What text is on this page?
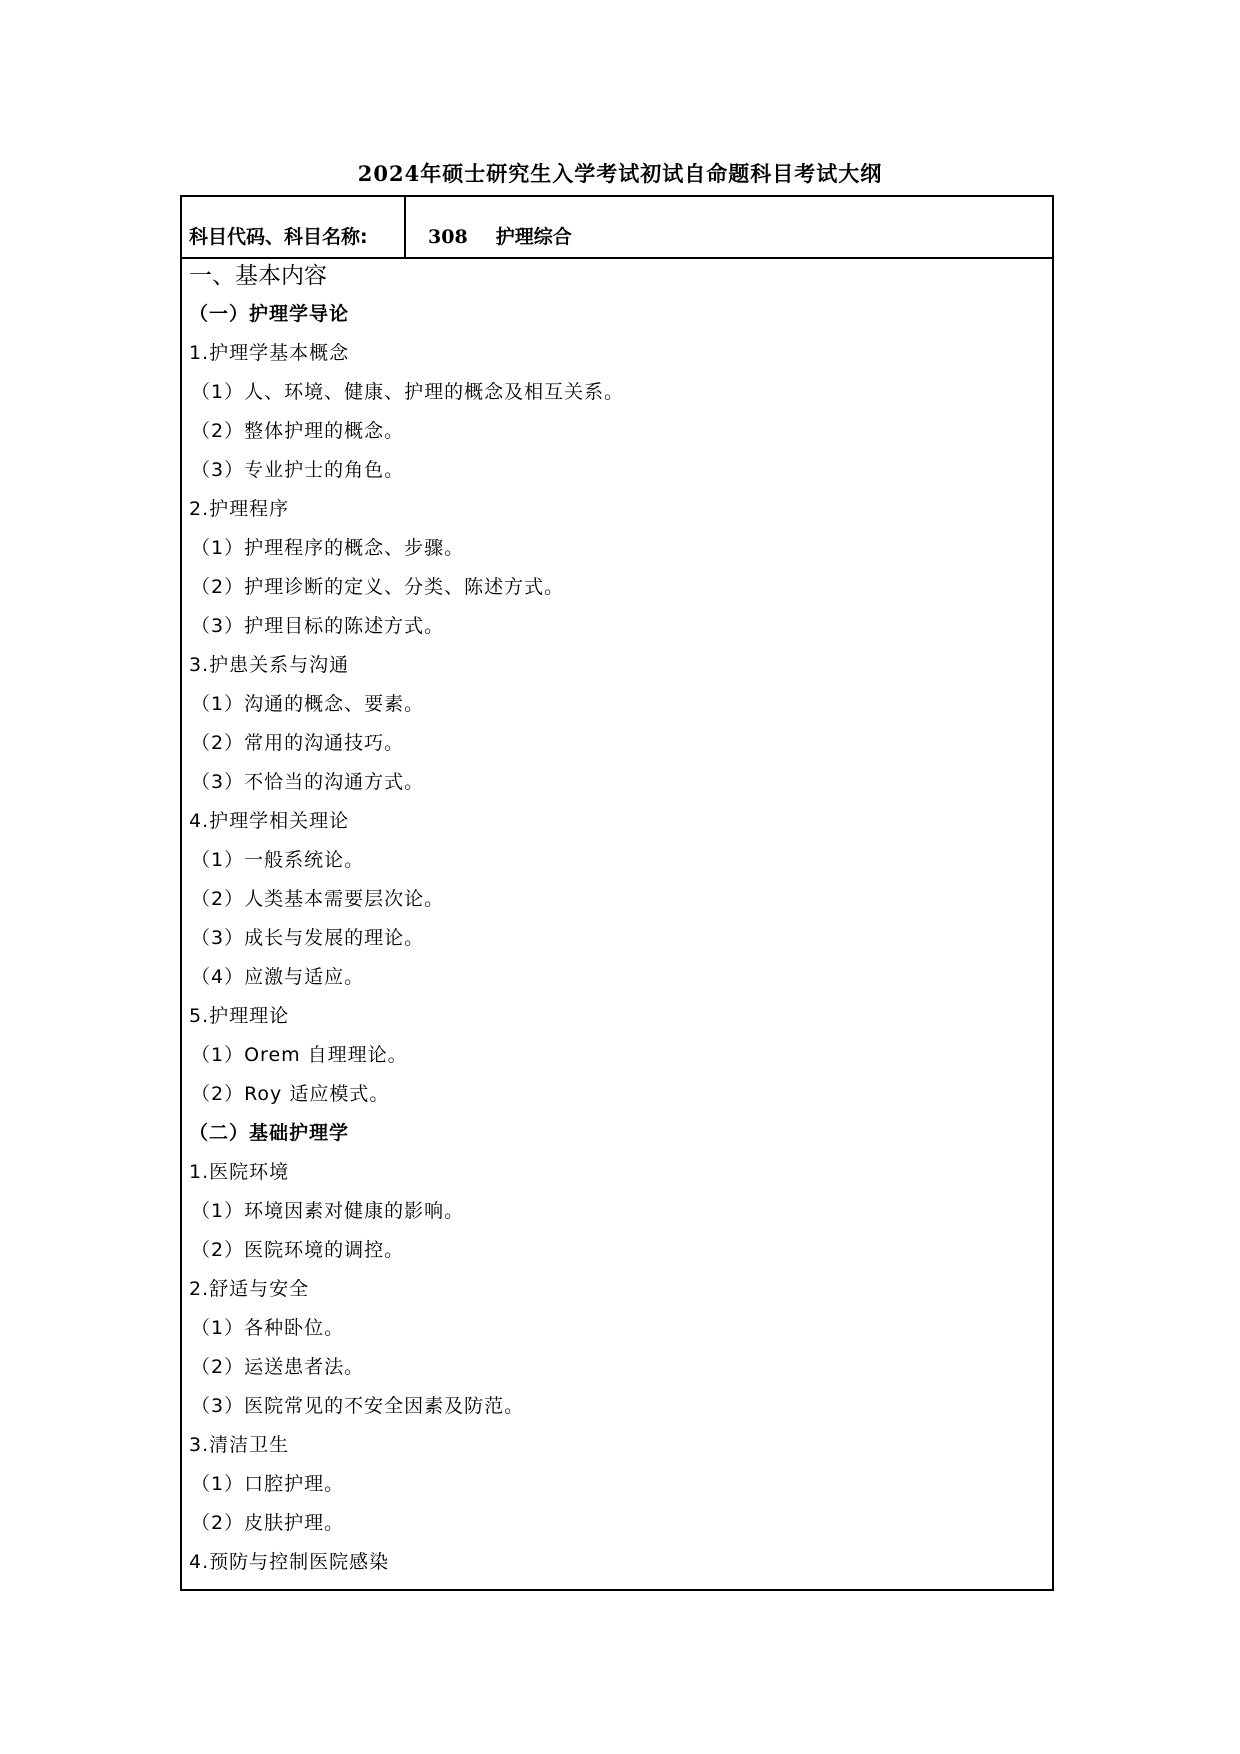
2024年硕士研究生入学考试初试自命题科目考试大纲
科目代码、科目名称:	308 护理综合
一、基本内容
（一）护理学导论
1.护理学基本概念
（1）人、环境、健康、护理的概念及相互关系。
（2）整体护理的概念。
（3）专业护士的角色。
2.护理程序
（1）护理程序的概念、步骤。
（2）护理诊断的定义、分类、陈述方式。
（3）护理目标的陈述方式。
3.护患关系与沟通
（1）沟通的概念、要素。
（2）常用的沟通技巧。
（3）不恰当的沟通方式。
4.护理学相关理论
（1）一般系统论。
（2）人类基本需要层次论。
（3）成长与发展的理论。
（4）应激与适应。
5.护理理论
（1）Orem 自理理论。
（2）Roy 适应模式。
（二）基础护理学
1.医院环境
（1）环境因素对健康的影响。
（2）医院环境的调控。
2.舒适与安全
（1）各种卧位。
（2）运送患者法。
（3）医院常见的不安全因素及防范。
3.清洁卫生
（1）口腔护理。
（2）皮肤护理。
4.预防与控制医院感染
